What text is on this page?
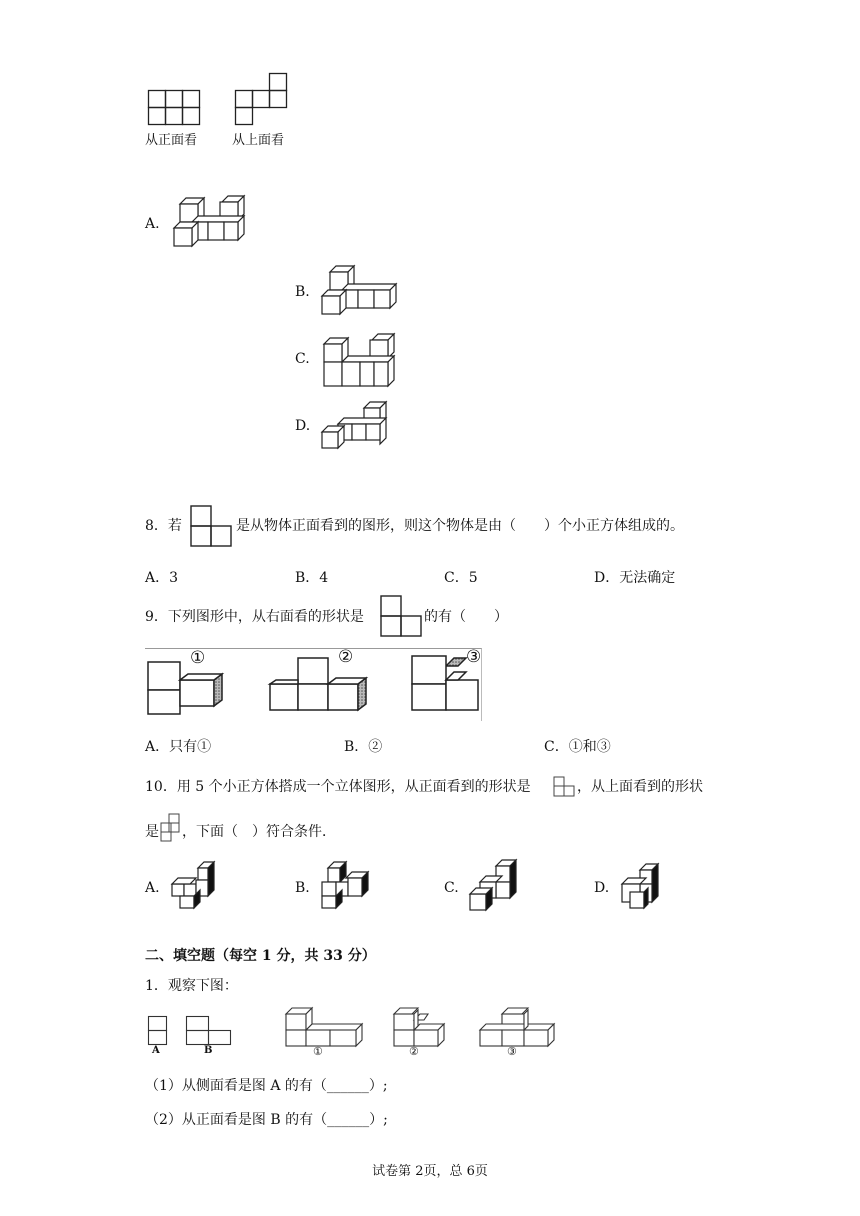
从正面看	从上面看
A.
B.
C.
D.
8．若	是从物体正面看到的图形，则这个物体是由（　　）个小正方体组成的。
A．3	B．4	C．5	D．无法确定
9．下列图形中，从右面看的形状是	的有（　　）
①	②	③
A．只有①	B．②	C．①和③
10．用 5 个小正方体搭成一个立体图形，从正面看到的形状是	，从上面看到的形状
是 ，下面（　）符合条件．
A.	B.	C.	D.
二、填空题（每空 1 分，共 33 分）
1．观察下图：
A	B	①	②	③
（1）从侧面看是图 A 的有（______）;
（2）从正面看是图 B 的有（______）;
试卷第 2页，总 6页
